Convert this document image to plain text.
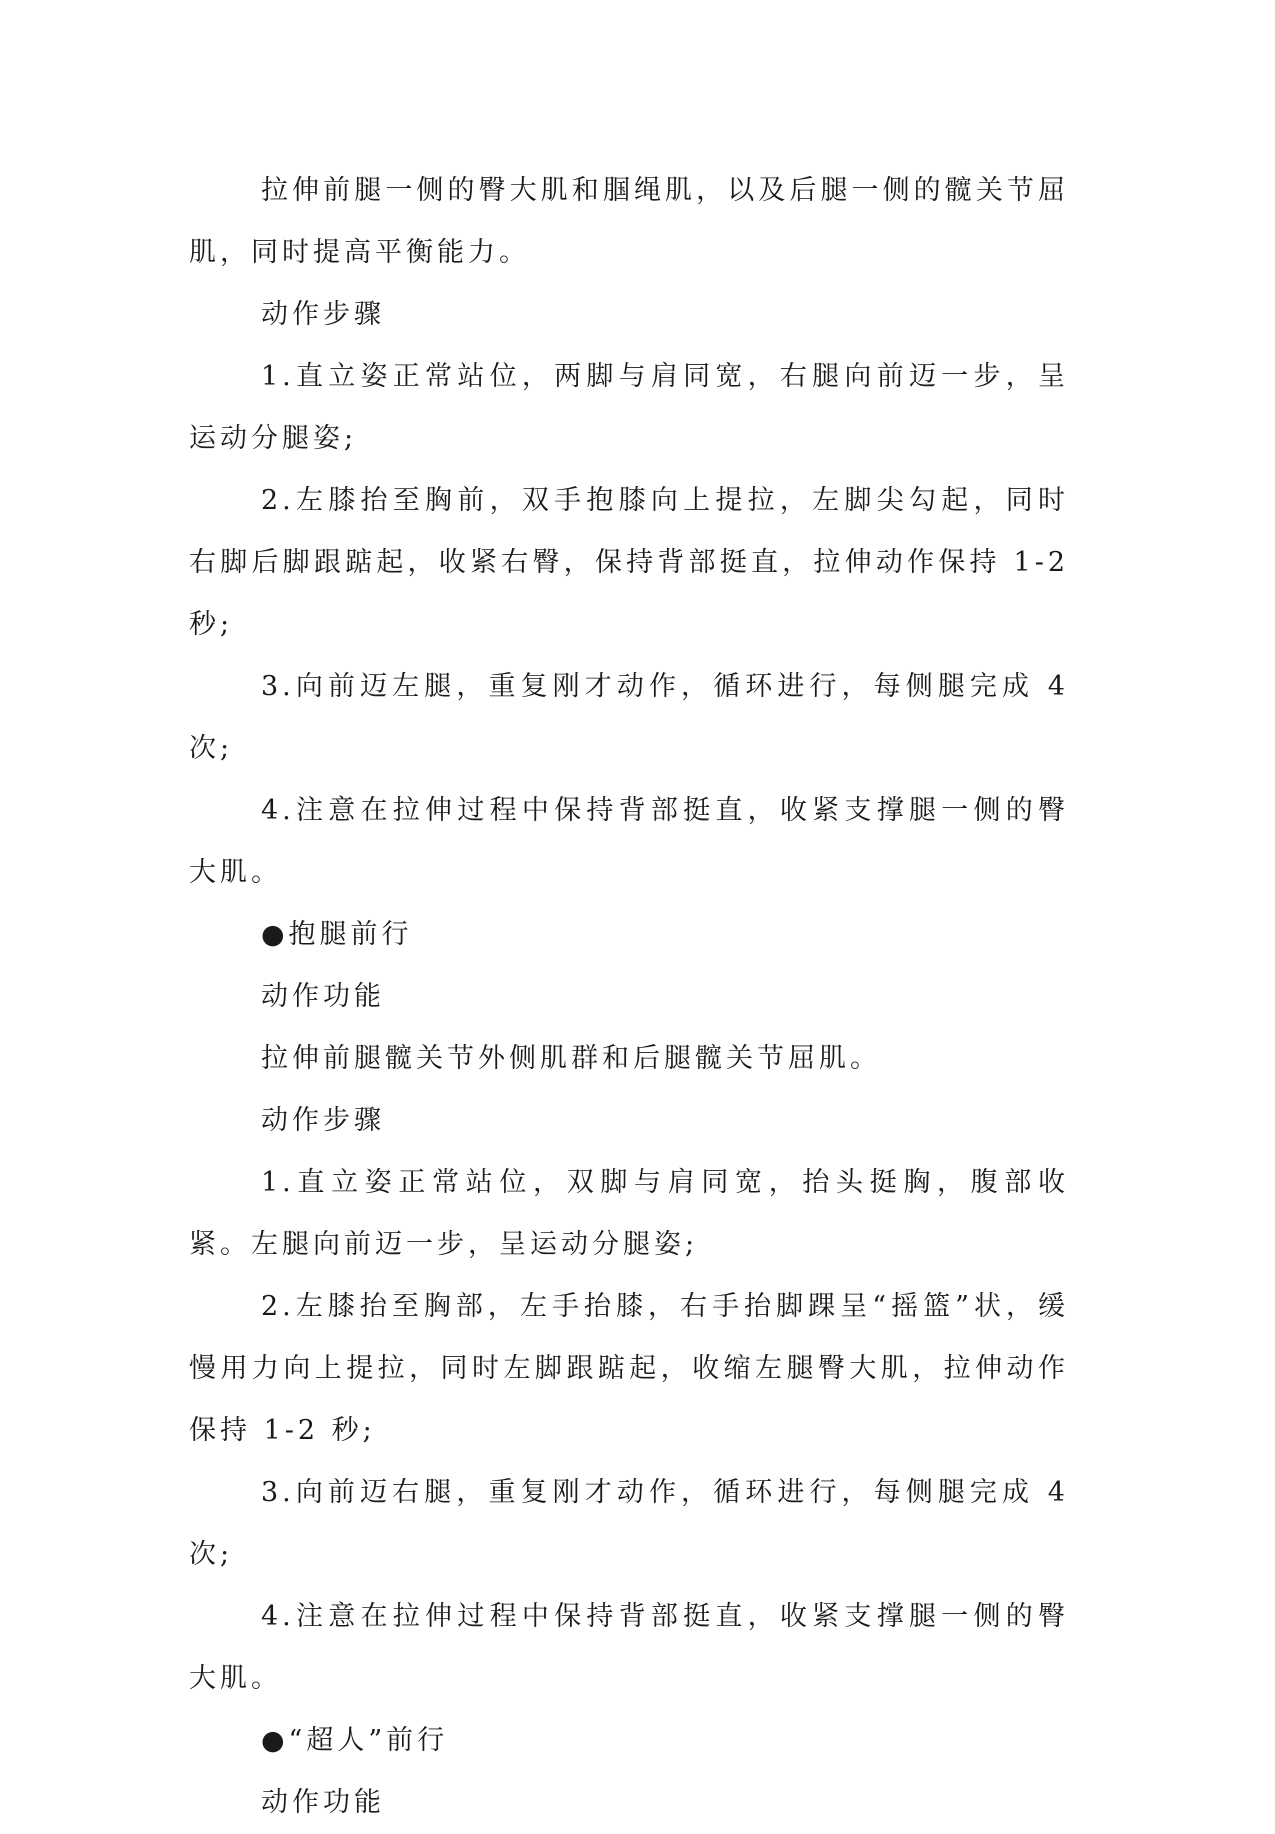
拉伸前腿一侧的臀大肌和腘绳肌，以及后腿一侧的髋关节屈肌，同时提高平衡能力。

动作步骤

1.直立姿正常站位，两脚与肩同宽，右腿向前迈一步，呈运动分腿姿;

2.左膝抬至胸前，双手抱膝向上提拉，左脚尖勾起，同时右脚后脚跟踮起，收紧右臀，保持背部挺直，拉伸动作保持 1-2 秒;

3.向前迈左腿，重复刚才动作，循环进行，每侧腿完成 4 次;

4.注意在拉伸过程中保持背部挺直，收紧支撑腿一侧的臀大肌。

●抱腿前行

动作功能

拉伸前腿髋关节外侧肌群和后腿髋关节屈肌。

动作步骤

1.直立姿正常站位，双脚与肩同宽，抬头挺胸，腹部收紧。左腿向前迈一步，呈运动分腿姿;

2.左膝抬至胸部，左手抬膝，右手抬脚踝呈“摇篮”状，缓慢用力向上提拉，同时左脚跟踮起，收缩左腿臀大肌，拉伸动作保持 1-2 秒;

3.向前迈右腿，重复刚才动作，循环进行，每侧腿完成 4 次;

4.注意在拉伸过程中保持背部挺直，收紧支撑腿一侧的臀大肌。

●“超人”前行

动作功能
